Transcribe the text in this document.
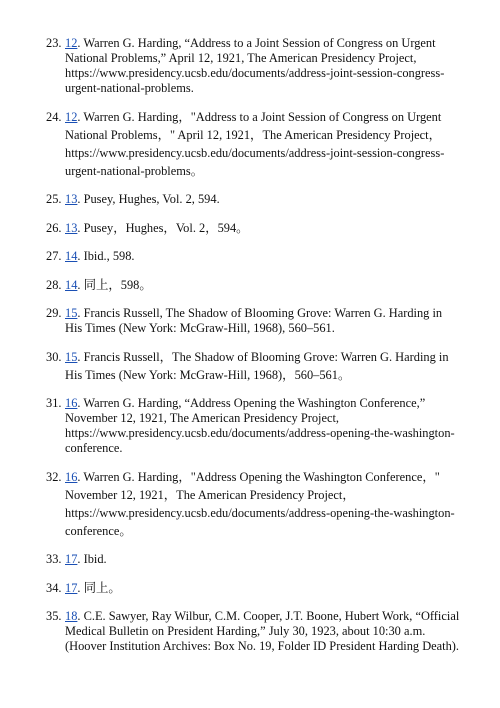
23. 12. Warren G. Harding, “Address to a Joint Session of Congress on Urgent National Problems,” April 12, 1921, The American Presidency Project, https://www.presidency.ucsb.edu/documents/address-joint-session-congress-urgent-national-problems.
24. 12. Warren G. Harding，"Address to a Joint Session of Congress on Urgent National Problems，" April 12, 1921，The American Presidency Project，https://www.presidency.ucsb.edu/documents/address-joint-session-congress-urgent-national-problems。
25. 13. Pusey, Hughes, Vol. 2, 594.
26. 13. Pusey，Hughes，Vol. 2，594。
27. 14. Ibid., 598.
28. 14. 同上，598。
29. 15. Francis Russell, The Shadow of Blooming Grove: Warren G. Harding in His Times (New York: McGraw-Hill, 1968), 560–561.
30. 15. Francis Russell，The Shadow of Blooming Grove: Warren G. Harding in His Times (New York: McGraw-Hill, 1968)，560–561。
31. 16. Warren G. Harding, “Address Opening the Washington Conference,” November 12, 1921, The American Presidency Project, https://www.presidency.ucsb.edu/documents/address-opening-the-washington-conference.
32. 16. Warren G. Harding，"Address Opening the Washington Conference，" November 12, 1921，The American Presidency Project，https://www.presidency.ucsb.edu/documents/address-opening-the-washington-conference。
33. 17. Ibid.
34. 17. 同上。
35. 18. C.E. Sawyer, Ray Wilbur, C.M. Cooper, J.T. Boone, Hubert Work, “Official Medical Bulletin on President Harding,” July 30, 1923, about 10:30 a.m. (Hoover Institution Archives: Box No. 19, Folder ID President Harding Death).
